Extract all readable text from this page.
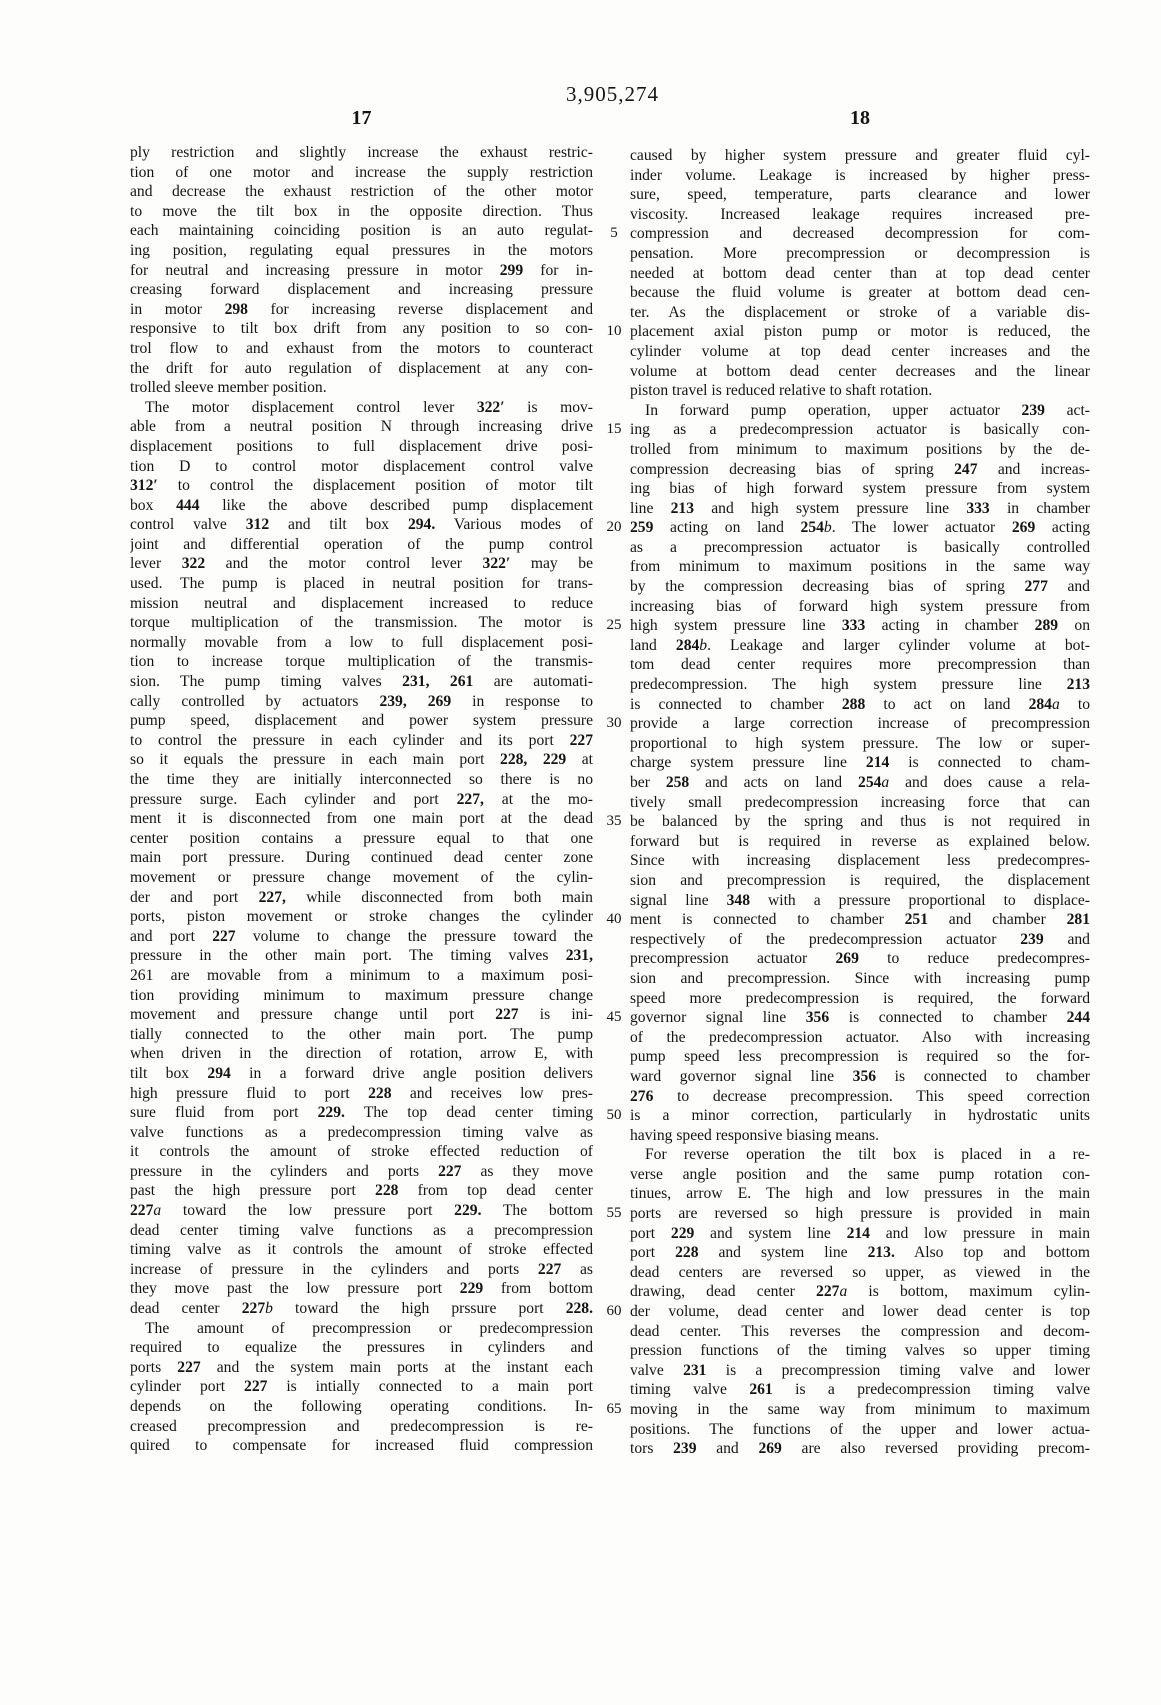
3,905,274
17	18
ply restriction and slightly increase the exhaust restric-
tion of one motor and increase the supply restriction
and decrease the exhaust restriction of the other motor
to move the tilt box in the opposite direction. Thus
each maintaining coinciding position is an auto regulat-
ing position, regulating equal pressures in the motors
for neutral and increasing pressure in motor 299 for in-
creasing forward displacement and increasing pressure
in motor 298 for increasing reverse displacement and
responsive to tilt box drift from any position to so con-
trol flow to and exhaust from the motors to counteract
the drift for auto regulation of displacement at any con-
trolled sleeve member position.
The motor displacement control lever 322′ is mov-
able from a neutral position N through increasing drive
displacement positions to full displacement drive posi-
tion D to control motor displacement control valve
312′ to control the displacement position of motor tilt
box 444 like the above described pump displacement
control valve 312 and tilt box 294. Various modes of
joint and differential operation of the pump control
lever 322 and the motor control lever 322′ may be
used. The pump is placed in neutral position for trans-
mission neutral and displacement increased to reduce
torque multiplication of the transmission. The motor is
normally movable from a low to full displacement posi-
tion to increase torque multiplication of the transmis-
sion. The pump timing valves 231, 261 are automati-
cally controlled by actuators 239, 269 in response to
pump speed, displacement and power system pressure
to control the pressure in each cylinder and its port 227
so it equals the pressure in each main port 228, 229 at
the time they are initially interconnected so there is no
pressure surge. Each cylinder and port 227, at the mo-
ment it is disconnected from one main port at the dead
center position contains a pressure equal to that one
main port pressure. During continued dead center zone
movement or pressure change movement of the cylin-
der and port 227, while disconnected from both main
ports, piston movement or stroke changes the cylinder
and port 227 volume to change the pressure toward the
pressure in the other main port. The timing valves 231,
261 are movable from a minimum to a maximum posi-
tion providing minimum to maximum pressure change
movement and pressure change until port 227 is ini-
tially connected to the other main port. The pump
when driven in the direction of rotation, arrow E, with
tilt box 294 in a forward drive angle position delivers
high pressure fluid to port 228 and receives low pres-
sure fluid from port 229. The top dead center timing
valve functions as a predecompression timing valve as
it controls the amount of stroke effected reduction of
pressure in the cylinders and ports 227 as they move
past the high pressure port 228 from top dead center
227a toward the low pressure port 229. The bottom
dead center timing valve functions as a precompression
timing valve as it controls the amount of stroke effected
increase of pressure in the cylinders and ports 227 as
they move past the low pressure port 229 from bottom
dead center 227b toward the high prssure port 228.
The amount of precompression or predecompression
required to equalize the pressures in cylinders and
ports 227 and the system main ports at the instant each
cylinder port 227 is intially connected to a main port
depends on the following operating conditions. In-
creased precompression and predecompression is re-
quired to compensate for increased fluid compression
5
10
15
20
25
30
35
40
45
50
55
60
65
caused by higher system pressure and greater fluid cyl-
inder volume. Leakage is increased by higher press-
sure, speed, temperature, parts clearance and lower
viscosity. Increased leakage requires increased pre-
compression and decreased decompression for com-
pensation. More precompression or decompression is
needed at bottom dead center than at top dead center
because the fluid volume is greater at bottom dead cen-
ter. As the displacement or stroke of a variable dis-
placement axial piston pump or motor is reduced, the
cylinder volume at top dead center increases and the
volume at bottom dead center decreases and the linear
piston travel is reduced relative to shaft rotation.
In forward pump operation, upper actuator 239 act-
ing as a predecompression actuator is basically con-
trolled from minimum to maximum positions by the de-
compression decreasing bias of spring 247 and increas-
ing bias of high forward system pressure from system
line 213 and high system pressure line 333 in chamber
259 acting on land 254b. The lower actuator 269 acting
as a precompression actuator is basically controlled
from minimum to maximum positions in the same way
by the compression decreasing bias of spring 277 and
increasing bias of forward high system pressure from
high system pressure line 333 acting in chamber 289 on
land 284b. Leakage and larger cylinder volume at bot-
tom dead center requires more precompression than
predecompression. The high system pressure line 213
is connected to chamber 288 to act on land 284a to
provide a large correction increase of precompression
proportional to high system pressure. The low or super-
charge system pressure line 214 is connected to cham-
ber 258 and acts on land 254a and does cause a rela-
tively small predecompression increasing force that can
be balanced by the spring and thus is not required in
forward but is required in reverse as explained below.
Since with increasing displacement less predecompres-
sion and precompression is required, the displacement
signal line 348 with a pressure proportional to displace-
ment is connected to chamber 251 and chamber 281
respectively of the predecompression actuator 239 and
precompression actuator 269 to reduce predecompres-
sion and precompression. Since with increasing pump
speed more predecompression is required, the forward
governor signal line 356 is connected to chamber 244
of the predecompression actuator. Also with increasing
pump speed less precompression is required so the for-
ward governor signal line 356 is connected to chamber
276 to decrease precompression. This speed correction
is a minor correction, particularly in hydrostatic units
having speed responsive biasing means.
For reverse operation the tilt box is placed in a re-
verse angle position and the same pump rotation con-
tinues, arrow E. The high and low pressures in the main
ports are reversed so high pressure is provided in main
port 229 and system line 214 and low pressure in main
port 228 and system line 213. Also top and bottom
dead centers are reversed so upper, as viewed in the
drawing, dead center 227a is bottom, maximum cylin-
der volume, dead center and lower dead center is top
dead center. This reverses the compression and decom-
pression functions of the timing valves so upper timing
valve 231 is a precompression timing valve and lower
timing valve 261 is a predecompression timing valve
moving in the same way from minimum to maximum
positions. The functions of the upper and lower actua-
tors 239 and 269 are also reversed providing precom-
